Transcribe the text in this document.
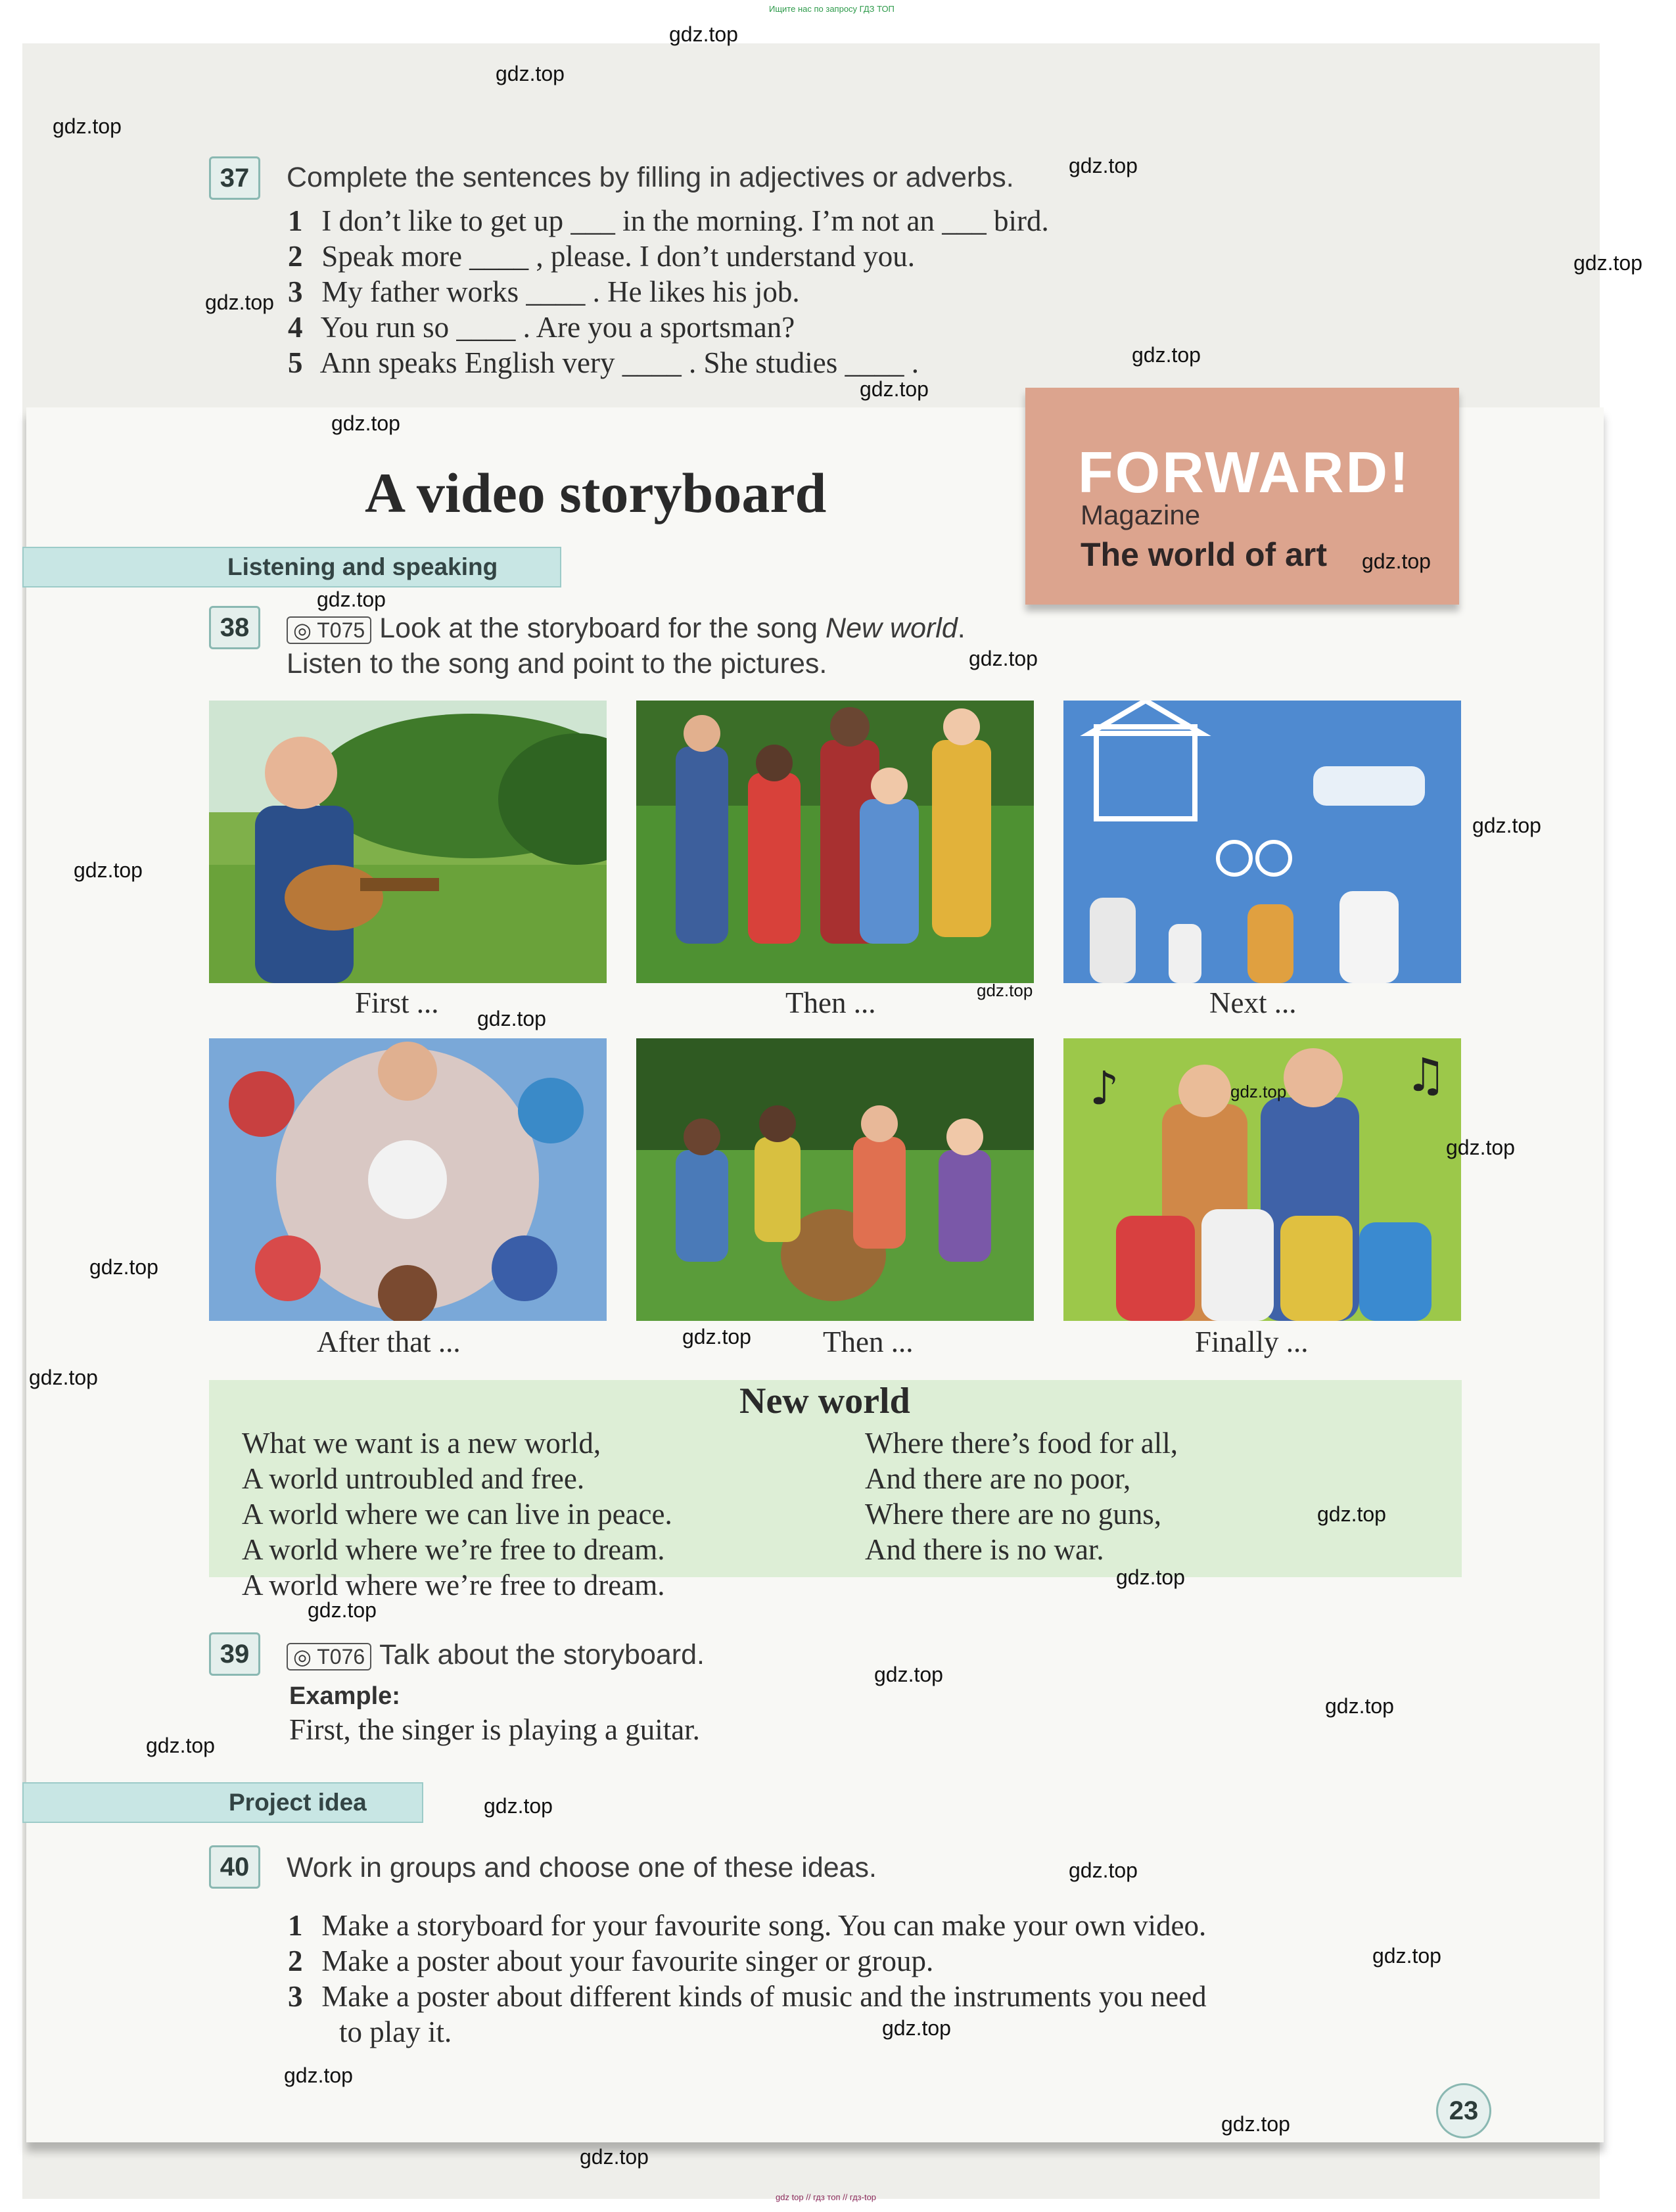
Ищите нас по запросу ГДЗ ТОП
37	Complete the sentences by filling in adjectives or adverbs.
1 I don’t like to get up ___ in the morning. I’m not an ___ bird.
2 Speak more ____ , please. I don’t understand you.
3 My father works ____ . He likes his job.
4 You run so ____ . Are you a sportsman?
5 Ann speaks English very ____ . She studies ____ .
A video storyboard	FORWARD!
Magazine
The world of art
Listening and speaking
38	◎ T075 Look at the storyboard for the song New world.
Listen to the song and point to the pictures.
First ...	Then ...	Next ...
♪	♫
After that ...	Then ...	Finally ...
New world
What we want is a new world,
A world untroubled and free.
A world where we can live in peace.
A world where we’re free to dream.
A world where we’re free to dream.
Where there’s food for all,
And there are no poor,
Where there are no guns,
And there is no war.
39	◎ T076 Talk about the storyboard.
Example:
First, the singer is playing a guitar.
Project idea
40	Work in groups and choose one of these ideas.
1 Make a storyboard for your favourite song. You can make your own video.
2 Make a poster about your favourite singer or group.
3 Make a poster about different kinds of music and the instruments you need
to play it.
23
gdz.top
gdz.top
gdz.top
gdz.top
gdz.top
gdz.top
gdz.top
gdz.top
gdz.top
gdz.top
gdz.top
gdz.top
gdz.top
gdz.top
gdz.top
gdz.top
gdz.top
gdz.top
gdz.top
gdz.top
gdz.top
gdz.top
gdz.top
gdz.top
gdz.top
gdz.top
gdz.top
gdz.top
gdz.top
gdz.top
gdz.top
gdz.top
gdz.top
gdz.top
gdz top // гдз топ // гдз-top
